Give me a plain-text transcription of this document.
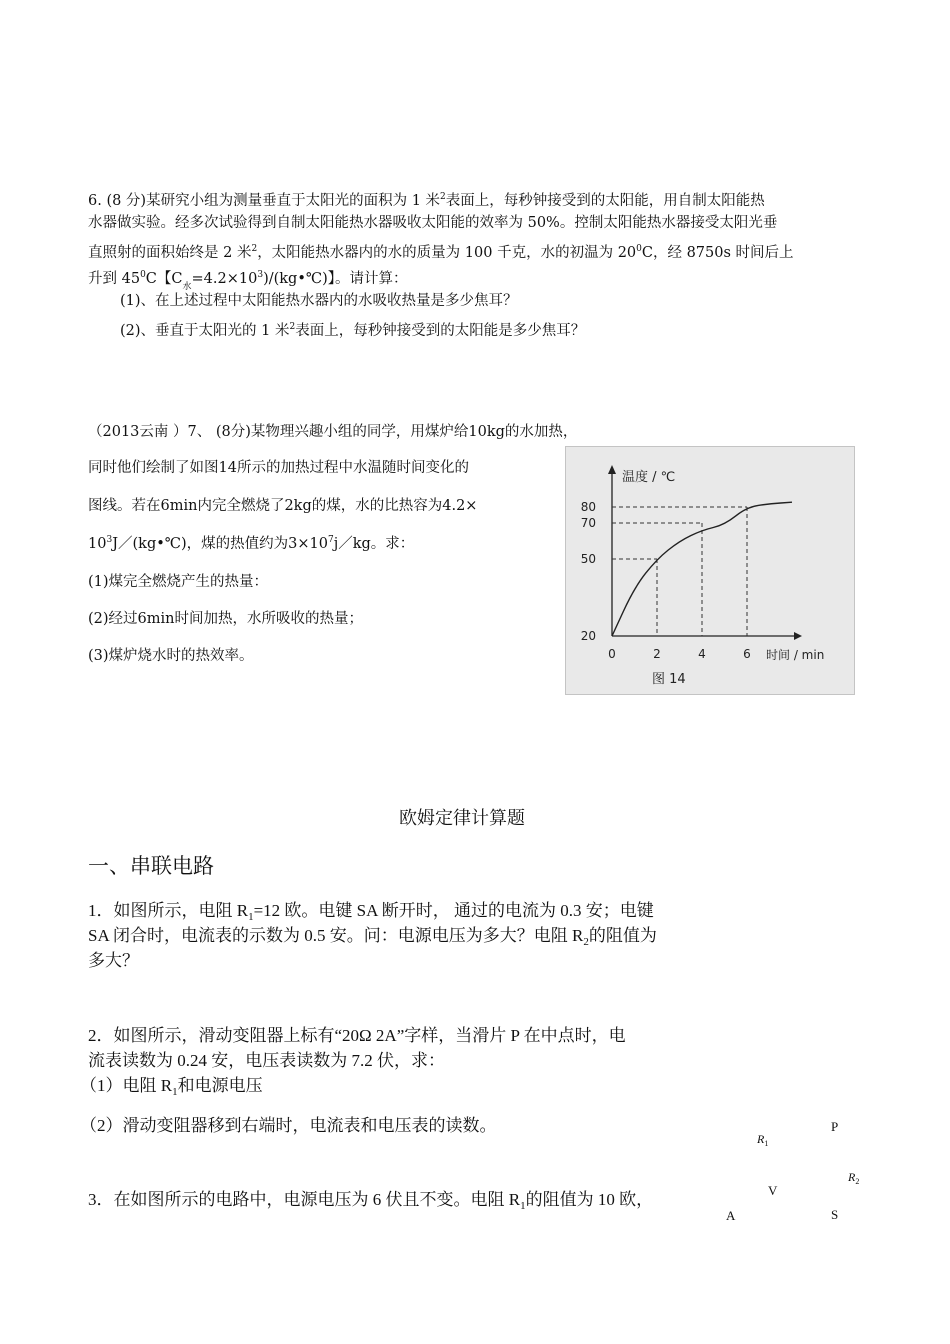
6. (8 分)某研究小组为测量垂直于太阳光的面积为 1 米$^2$表面上，每秒钟接受到的太阳能，用自制太阳能热
水器做实验。经多次试验得到自制太阳能热水器吸收太阳能的效率为 50%。控制太阳能热水器接受太阳光垂
直照射的面积始终是 2 米$^2$，太阳能热水器内的水的质量为 100 千克，水的初温为 $20^0C$，经 8750s 时间后上
升到 $45^0C$【$C_水=4.2\times 10^3)/(kg•℃)$】。请计算：
(1)、在上述过程中太阳能热水器内的水吸收热量是多少焦耳？
(2)、垂直于太阳光的 1 米$^2$表面上，每秒钟接受到的太阳能是多少焦耳？
（2013云南 ）7、 (8分)某物理兴趣小组的同学，用煤炉给10kg的水加热，
同时他们绘制了如图14所示的加热过程中水温随时间变化的
图线。若在6min内完全燃烧了2kg的煤，水的比热容为4.2×
$10^3J/(kg•℃)$，煤的热值约为$3\times 10^7j/kg$。求：
(1)煤完全燃烧产生的热量：
(2)经过6min时间加热，水所吸收的热量；
(3)煤炉烧水时的热效率。
20
50
70
80
0	2	4	6
温度 / ℃
时间 / min
图 14
欧姆定律计算题
一、串联电路
1．如图所示，电阻 $R_1=12$ 欧。电键 SA 断开时， 通过的电流为 0.3 安；电键
SA 闭合时，电流表的示数为 0.5 安。问：电源电压为多大？电阻 $R_2$的阻值为
多大？
2．如图所示，滑动变阻器上标有“20Ω 2A”字样，当滑片 P 在中点时，电
流表读数为 0.24 安，电压表读数为 7.2 伏，求：
（1）电阻 $R_1$和电源电压
（2）滑动变阻器移到右端时，电流表和电压表的读数。
3．在如图所示的电路中，电源电压为 6 伏且不变。电阻 $R_1$的阻值为 10 欧，
P
$R_1$
$R_2$
V
A	S
